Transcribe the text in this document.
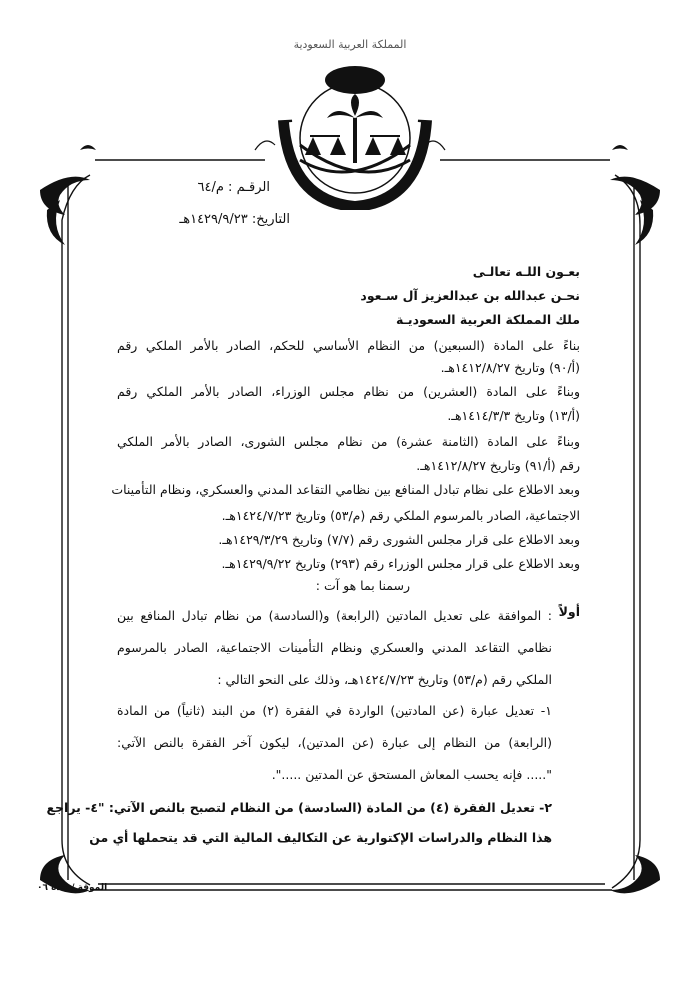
المملكة العربية السعودية
الرقـم : م/٦٤
التاريخ: ١٤٢٩/٩/٢٣هـ
بعـون اللـه تعالـى
نحـن عبدالله بن عبدالعزيز آل سـعود
ملك المملكة العربية السعوديـة
بناءً على المادة (السبعين) من النظام الأساسي للحكم، الصادر بالأمر الملكي رقم
(أ/٩٠) وتاريخ ١٤١٢/٨/٢٧هـ.
وبناءً على المادة (العشرين) من نظام مجلس الوزراء، الصادر بالأمر الملكي رقم
(أ/١٣) وتاريخ ١٤١٤/٣/٣هـ.
وبناءً على المادة (الثامنة عشرة) من نظام مجلس الشورى، الصادر بالأمر الملكي
رقم (أ/٩١) وتاريخ ١٤١٢/٨/٢٧هـ.
وبعد الاطلاع على نظام تبادل المنافع بين نظامي التقاعد المدني والعسكري، ونظام التأمينات
الاجتماعية، الصادر بالمرسوم الملكي رقم (م/٥٣) وتاريخ ١٤٢٤/٧/٢٣هـ.
وبعد الاطلاع على قرار مجلس الشورى رقم (٧/٧) وتاريخ ١٤٢٩/٣/٢٩هـ.
وبعد الاطلاع على قرار مجلس الوزراء رقم (٢٩٣) وتاريخ ١٤٢٩/٩/٢٢هـ.
رسمنا بما هو آت :
أولاً
: الموافقة على تعديل المادتين (الرابعة) و(السادسة) من نظام تبادل المنافع بين
نظامي التقاعد المدني والعسكري ونظام التأمينات الاجتماعية، الصادر بالمرسوم
الملكي رقم (م/٥٣) وتاريخ ١٤٢٤/٧/٢٣هـ، وذلك على النحو التالي :
١- تعديل عبارة (عن المادتين) الواردة في الفقرة (٢) من البند (ثانياً) من المادة
(الرابعة) من النظام إلى عبارة (عن المدتين)، ليكون آخر الفقرة بالنص الآتي:
"..... فإنه يحسب المعاش المستحق عن المدتين .....".
٢- تعديل الفقرة (٤) من المادة (السادسة) من النظام لتصبح بالنص الآتي: "٤- يراجع
هذا النظام والدراسات الإكتوارية عن التكاليف المالية التي قد يتحملها أي من
الموقة / جدة ٠٦
